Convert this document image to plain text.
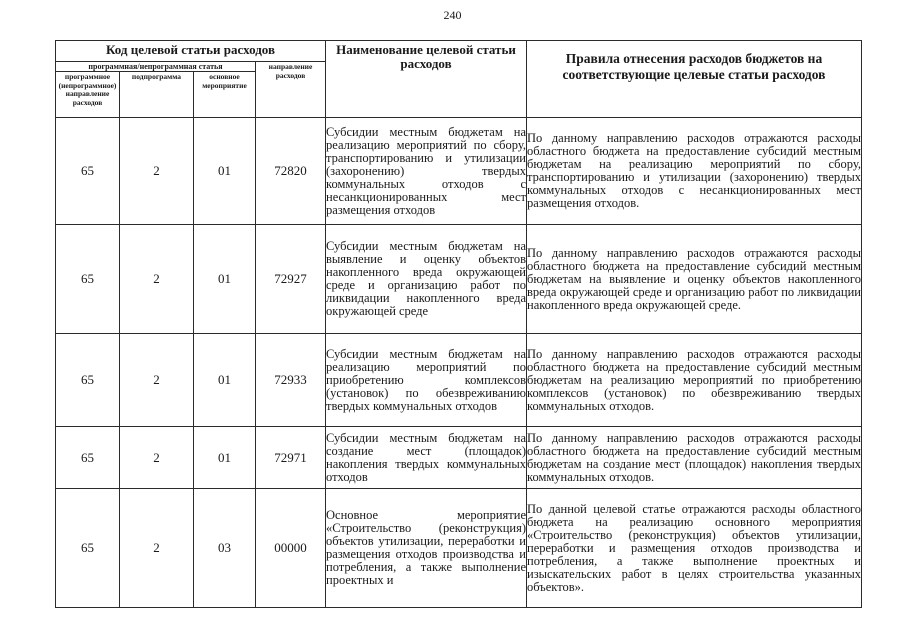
240
Код целевой статьи расходов				Наименование целевой статьи расходов	Правила отнесения расходов бюджетов на соответствующие целевые статьи расходов
программная/непрограммная статья			направление расходов		
программное (непрограммное) направление расходов	подпрограмма	основное мероприятие			
65	2	01	72820	Субсидии местным бюджетам на реализацию мероприятий по сбору, транспортированию и утилизации (захоронению) твердых коммунальных отходов с несанкционированных мест размещения отходов	По данному направлению расходов отражаются расходы областного бюджета на предоставление субсидий местным бюджетам на реализацию мероприятий по сбору, транспортированию и утилизации (захоронению) твердых коммунальных отходов с несанкционированных мест размещения отходов.
65	2	01	72927	Субсидии местным бюджетам на выявление и оценку объектов накопленного вреда окружающей среде и организацию работ по ликвидации накопленного вреда окружающей среде	По данному направлению расходов отражаются расходы областного бюджета на предоставление субсидий местным бюджетам на выявление и оценку объектов накопленного вреда окружающей среде и организацию работ по ликвидации накопленного вреда окружающей среде.
65	2	01	72933	Субсидии местным бюджетам на реализацию мероприятий по приобретению комплексов (установок) по обезвреживанию твердых коммунальных отходов	По данному направлению расходов отражаются расходы областного бюджета на предоставление субсидий местным бюджетам на реализацию мероприятий по приобретению комплексов (установок) по обезвреживанию твердых коммунальных отходов.
65	2	01	72971	Субсидии местным бюджетам на создание мест (площадок) накопления твердых коммунальных отходов	По данному направлению расходов отражаются расходы областного бюджета на предоставление субсидий местным бюджетам на создание мест (площадок) накопления твердых коммунальных отходов.
65	2	03	00000	Основное мероприятие «Строительство (реконструкция) объектов утилизации, переработки и размещения отходов производства и потребления, а также выполнение проектных и	По данной целевой статье отражаются расходы областного бюджета на реализацию основного мероприятия «Строительство (реконструкция) объектов утилизации, переработки и размещения отходов производства и потребления, а также выполнение проектных и изыскательских работ в целях строительства указанных объектов».
